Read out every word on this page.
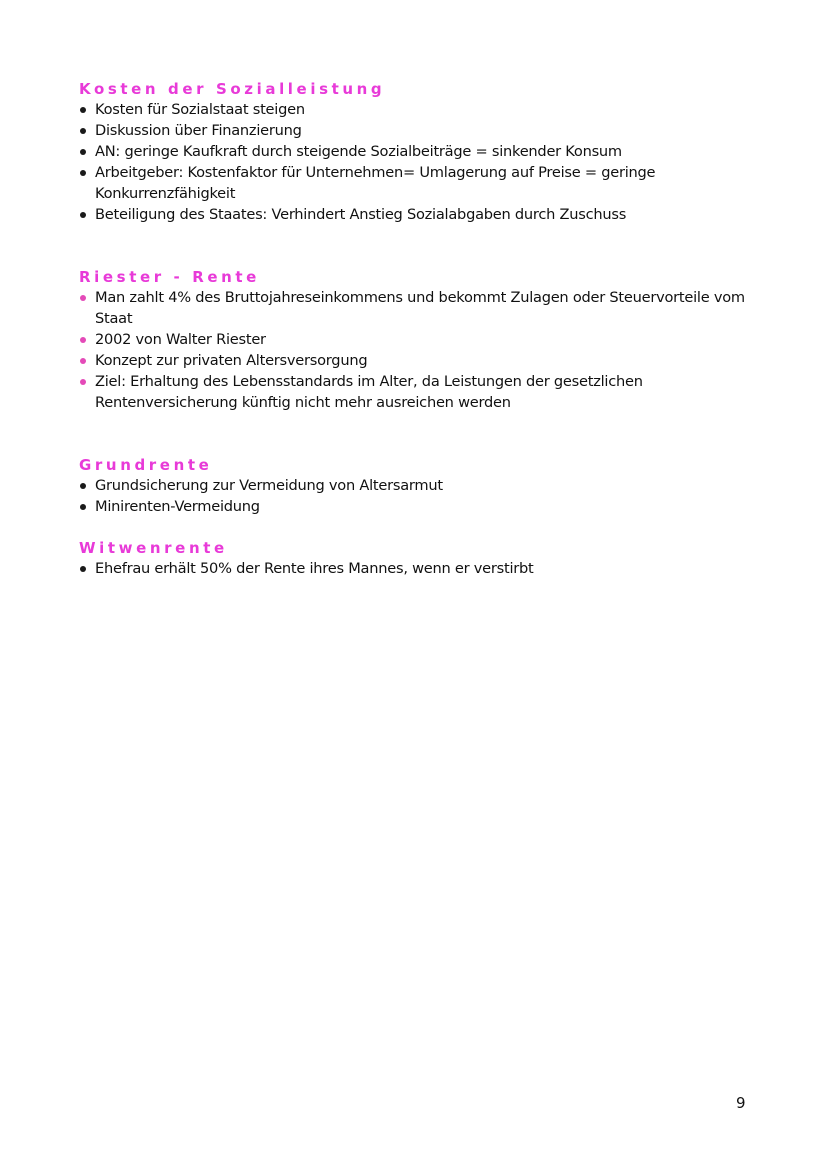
Kosten der Sozialleistung
Kosten für Sozialstaat steigen
Diskussion über Finanzierung
AN: geringe Kaufkraft durch steigende Sozialbeiträge = sinkender Konsum
Arbeitgeber: Kostenfaktor für Unternehmen= Umlagerung auf Preise = geringe Konkurrenzfähigkeit
Beteiligung des Staates: Verhindert Anstieg Sozialabgaben durch Zuschuss
Riester - Rente
Man zahlt 4% des Bruttojahreseinkommens und bekommt Zulagen oder Steuervorteile vom Staat
2002 von Walter Riester
Konzept zur privaten Altersversorgung
Ziel: Erhaltung des Lebensstandards im Alter, da Leistungen der gesetzlichen Rentenversicherung künftig nicht mehr ausreichen werden
Grundrente
Grundsicherung zur Vermeidung von Altersarmut
Minirenten-Vermeidung
Witwenrente
Ehefrau erhält 50% der Rente ihres Mannes, wenn er verstirbt
9
